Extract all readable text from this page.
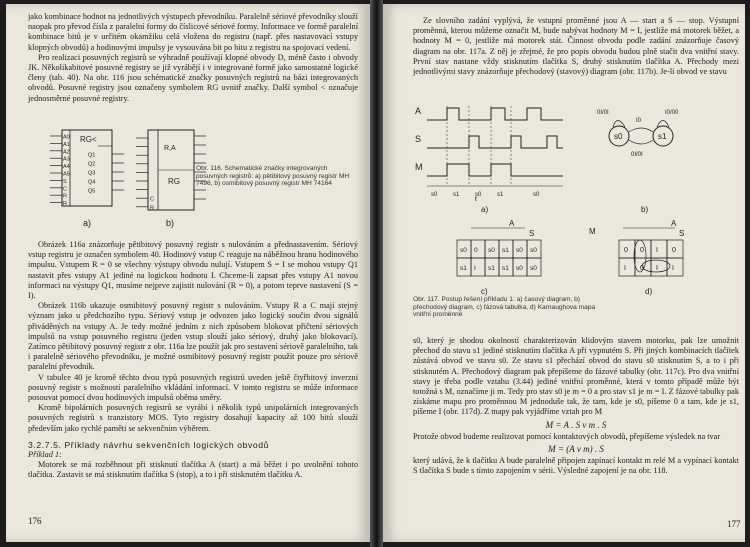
jako kombinace hodnot na jednotlivých výstupech převodníku. Paralelně sériové převodníky slouží naopak pro převod čísla z paralelní formy do číslicové sériové formy. Informace ve formě paralelní kombinace bitů je v určitém okamžiku celá vložena do registru (např. přes nastavovací vstupy klopných obvodů) a hodinovými impulsy je vysouvána bit po bitu z registru na spojovací vedení.

Pro realizaci posuvných registrů se výhradně používají klopné obvody D, méně často i obvody JK. Několikabitové posuvné registry se již vyrábějí i v integrované formě jako samostatné logické členy (tab. 40). Na obr. 116 jsou schématické značky posuvných registrů na bázi integrovaných obvodů. Posuvné registry jsou označeny symbolem RG uvnitř značky. Další symbol < označuje jednosměrné posuvné registry.

RG<
A0
A1
A2
A3
A4
A5
S
C
R
R
Q1
Q2
Q3
Q4
Q5
a)
R,A
RG
C
R
b)
Obr. 116. Schematické značky integrovaných posuvných registrů: a) pětibitový posuvný registr MH 7496, b) osmibitový posuvný registr MH 74164

Obrázek 116a znázorňuje pětibitový posuvný registr s nulováním a přednastavením. Sériový vstup registru je označen symbolem 40. Hodinový vstup C reaguje na náběžnou hranu hodinového impulsu. Vstupem R = 0 se všechny výstupy obvodu nulují. Vstupem S = I se mohou vstupy Q1 nastavit přes vstupy A1 jediné na logickou hodnotu I. Chceme-li zapsat přes vstupy A1 novou informaci na výstupy Q1, musíme nejprve zajistit nulování (R = 0), a potom teprve nastavení (S = I).

Obrázek 116b ukazuje osmibitový posuvný registr s nulováním. Vstupy R a C mají stejný význam jako u předchozího typu. Sériový vstup je odvozen jako logický součin dvou signálů přiváděných na vstupy A. Je tedy možné jedním z nich způsobem blokovat přičtení sériových impulsů na vstup posuvného registru (jeden vstup slouží jako sériový, druhý jako blokovací). Zatímco pětibitový posuvný registr z obr. 116a lze použít jak pro sestavení sériově paralelního, tak i paralelně sériového převodníku, je možné osmibitový posuvný registr použít pouze pro sériově paralelní převodník.

V tabulce 40 je kromě těchto dvou typů posuvných registrů uveden ještě čtyřbitový inverzní posuvný registr s možností paralelního vkládání informací. V tomto registru se může informace posouvat pomocí dvou hodinových impulsů oběma směry.

Kromě bipolárních posuvných registrů se vyrábí i několik typů unipolárních integrovaných posuvných registrů s tranzistory MOS. Tyto registry dosahují kapacity až 100 bitů slouží především jako rychlé paměti se sekvenčním výběrem.

3.2.7.5. Příklady návrhu sekvenčních logických obvodů

Příklad 1:

Motorek se má rozběhnout při stisknutí tlačítka A (start) a má běžet i po uvolnění tohoto tlačítka. Zastavit se má stisknutím tlačítka S (stop), a to i při stisknutém tlačítku A.

176

Ze slovního zadání vyplývá, že vstupní proměnné jsou A — start a S — stop. Výstupní proměnná, kterou můžeme označit M, bude nabývat hodnoty M = I, jestliže má motorek běžet, a hodnoty M = 0, jestliže má motorek stát. Činnost obvodu podle zadání znázorňuje časový diagram na obr. 117a. Z něj je zřejmé, že pro popis obvodu budou plně stačit dva vnitřní stavy. První stav nastane vždy stisknutím tlačítka S, druhý stisknutím tlačítka A. Přechody mezi jednotlivými stavy znázorňuje přechodový (stavový) diagram (obr. 117b). Je-li obvod ve stavu

A
S
M
s0	s1	s0	s1	s0
t
a)
s0	s1
0I/0I
I0
0I/0I
I0/00
b)
A
S
s0 0 s0 s1 s0 s0
s1 I s1 s1 s0 s0
c)
M
A
S
0 0 I 0
I 0 I I
d)
Obr. 117. Postup řešení příkladu 1: a) časový diagram, b) přechodový diagram, c) fázová tabulka, d) Karnaughova mapa vnitřní proměnné

s0, který je shodou okolností charakterizován klidovým stavem motorku, pak lze umožnit přechod do stavu s1 jediné stisknutím tlačítka A při vypnutém S. Při jiných kombinacích tlačítek zůstává obvod ve stavu s0. Ze stavu s1 přechází obvod do stavu s0 stisknutím S, a to i při stisknutém A. Přechodový diagram pak přepíšeme do fázové tabulky (obr. 117c). Pro dva vnitřní stavy je třeba podle vztahu (3.44) jediné vnitřní proměnné, která v tomto případě může být totožná s M, označíme ji m. Tedy pro stav s0 je m = 0 a pro stav s1 je m = I. Z fázové tabulky pak získáme mapu pro proměnnou M jednoduše tak, že tam, kde je s0, píšeme 0 a tam, kde je s1, píšeme I (obr. 117d). Z mapy pak vyjádříme vztah pro M

M = A . S v m . S

Protože obvod budeme realizovat pomocí kontaktových obvodů, přepíšeme výsledek na tvar

M = (A v m) . S

který udává, že k tlačítku A bude paralelně připojen zapínací kontakt m relé M a vypínací kontakt S tlačítka S bude s tímto zapojením v sérii. Výsledné zapojení je na obr. 118.

177
